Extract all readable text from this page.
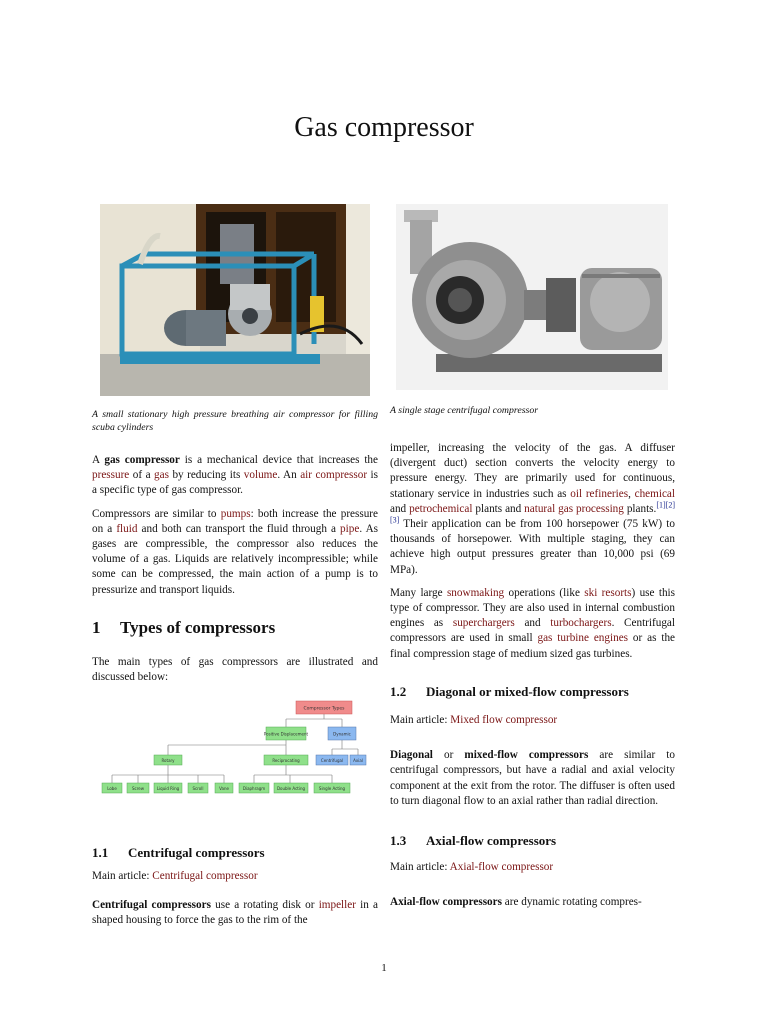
Gas compressor
A small stationary high pressure breathing air compressor for filling scuba cylinders

A gas compressor is a mechanical device that increases the pressure of a gas by reducing its volume. An air compressor is a specific type of gas compressor.

Compressors are similar to pumps: both increase the pressure on a fluid and both can transport the fluid through a pipe. As gases are compressible, the compressor also reduces the volume of a gas. Liquids are relatively incompressible; while some can be compressed, the main action of a pump is to pressurize and transport liquids.

1 Types of compressors

The main types of gas compressors are illustrated and discussed below:

Compressor Types
Positive Displacement	Dynamic
Rotary	Reciprocating	Centrifugal	Axial
Lobe	Screw	Liquid Ring	Scroll	Vane	Diaphragm	Double Acting	Single Acting
1.1 Centrifugal compressors

Main article: Centrifugal compressor

Centrifugal compressors use a rotating disk or impeller in a shaped housing to force the gas to the rim of the

A single stage centrifugal compressor

impeller, increasing the velocity of the gas. A diffuser (divergent duct) section converts the velocity energy to pressure energy. They are primarily used for continuous, stationary service in industries such as oil refineries, chemical and petrochemical plants and natural gas processing plants.[1][2][3] Their application can be from 100 horsepower (75 kW) to thousands of horsepower. With multiple staging, they can achieve high output pressures greater than 10,000 psi (69 MPa).

Many large snowmaking operations (like ski resorts) use this type of compressor. They are also used in internal combustion engines as superchargers and turbochargers. Centrifugal compressors are used in small gas turbine engines or as the final compression stage of medium sized gas turbines.

1.2 Diagonal or mixed-flow compressors

Main article: Mixed flow compressor

Diagonal or mixed-flow compressors are similar to centrifugal compressors, but have a radial and axial velocity component at the exit from the rotor. The diffuser is often used to turn diagonal flow to an axial rather than radial direction.

1.3 Axial-flow compressors

Main article: Axial-flow compressor

Axial-flow compressors are dynamic rotating compres-

1
